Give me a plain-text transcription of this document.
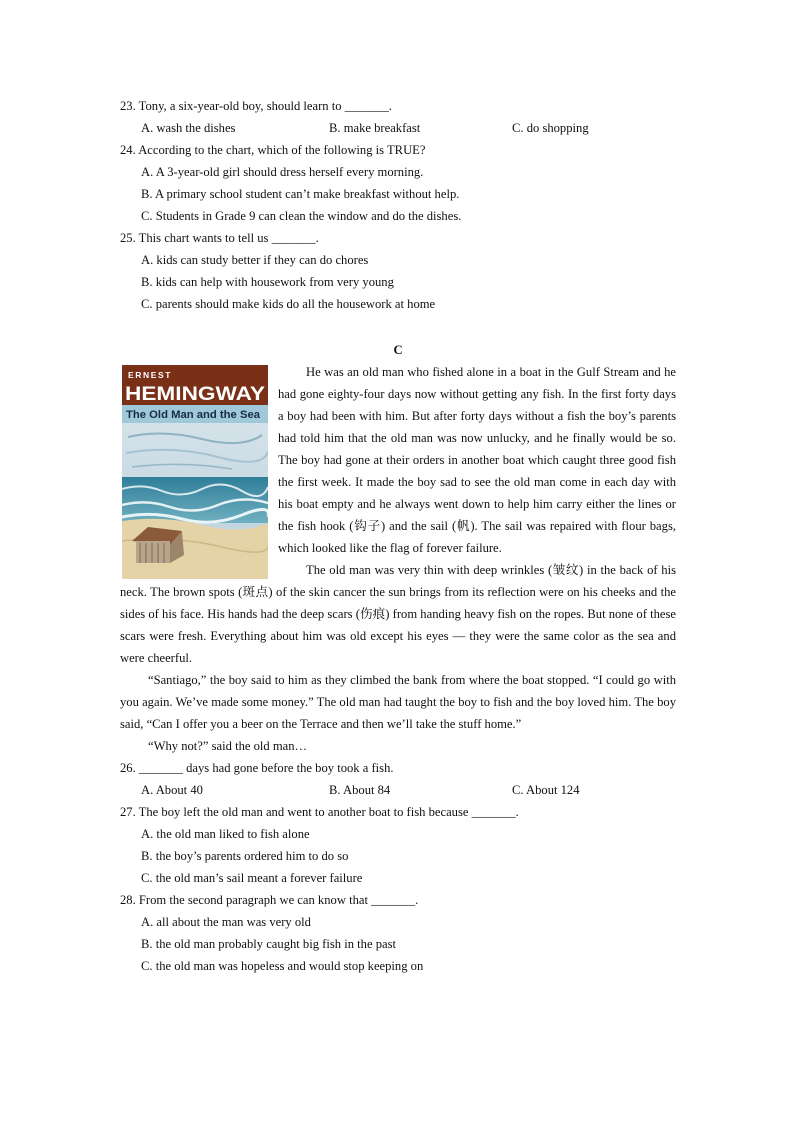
23. Tony, a six-year-old boy, should learn to _______.

A. wash the dishes	B. make breakfast	C. do shopping

24. According to the chart, which of the following is TRUE?

A. A 3-year-old girl should dress herself every morning.

B. A primary school student can’t make breakfast without help.

C. Students in Grade 9 can clean the window and do the dishes.

25. This chart wants to tell us _______.

A. kids can study better if they can do chores

B. kids can help with housework from very young

C. parents should make kids do all the housework at home

C

ERNEST
HEMINGWAY
The Old Man and the Sea

He was an old man who fished alone in a boat in the Gulf Stream and he had gone eighty-four days now without getting any fish. In the first forty days a boy had been with him. But after forty days without a fish the boy’s parents had told him that the old man was now unlucky, and he finally would be so. The boy had gone at their orders in another boat which caught three good fish the first week. It made the boy sad to see the old man come in each day with his boat empty and he always went down to help him carry either the lines or the fish hook (钩子) and the sail (帆). The sail was repaired with flour bags, which looked like the flag of forever failure.

The old man was very thin with deep wrinkles (皱纹) in the back of his neck. The brown spots (斑点) of the skin cancer the sun brings from its reflection were on his cheeks and the sides of his face. His hands had the deep scars (伤痕) from handing heavy fish on the ropes. But none of these scars were fresh. Everything about him was old except his eyes — they were the same color as the sea and were cheerful.

“Santiago,” the boy said to him as they climbed the bank from where the boat stopped. “I could go with you again. We’ve made some money.” The old man had taught the boy to fish and the boy loved him. The boy said, “Can I offer you a beer on the Terrace and then we’ll take the stuff home.”

“Why not?” said the old man…

26. _______ days had gone before the boy took a fish.

A. About 40	B. About 84	C. About 124

27. The boy left the old man and went to another boat to fish because _______.

A. the old man liked to fish alone

B. the boy’s parents ordered him to do so

C. the old man’s sail meant a forever failure

28. From the second paragraph we can know that _______.

A. all about the man was very old

B. the old man probably caught big fish in the past

C. the old man was hopeless and would stop keeping on
